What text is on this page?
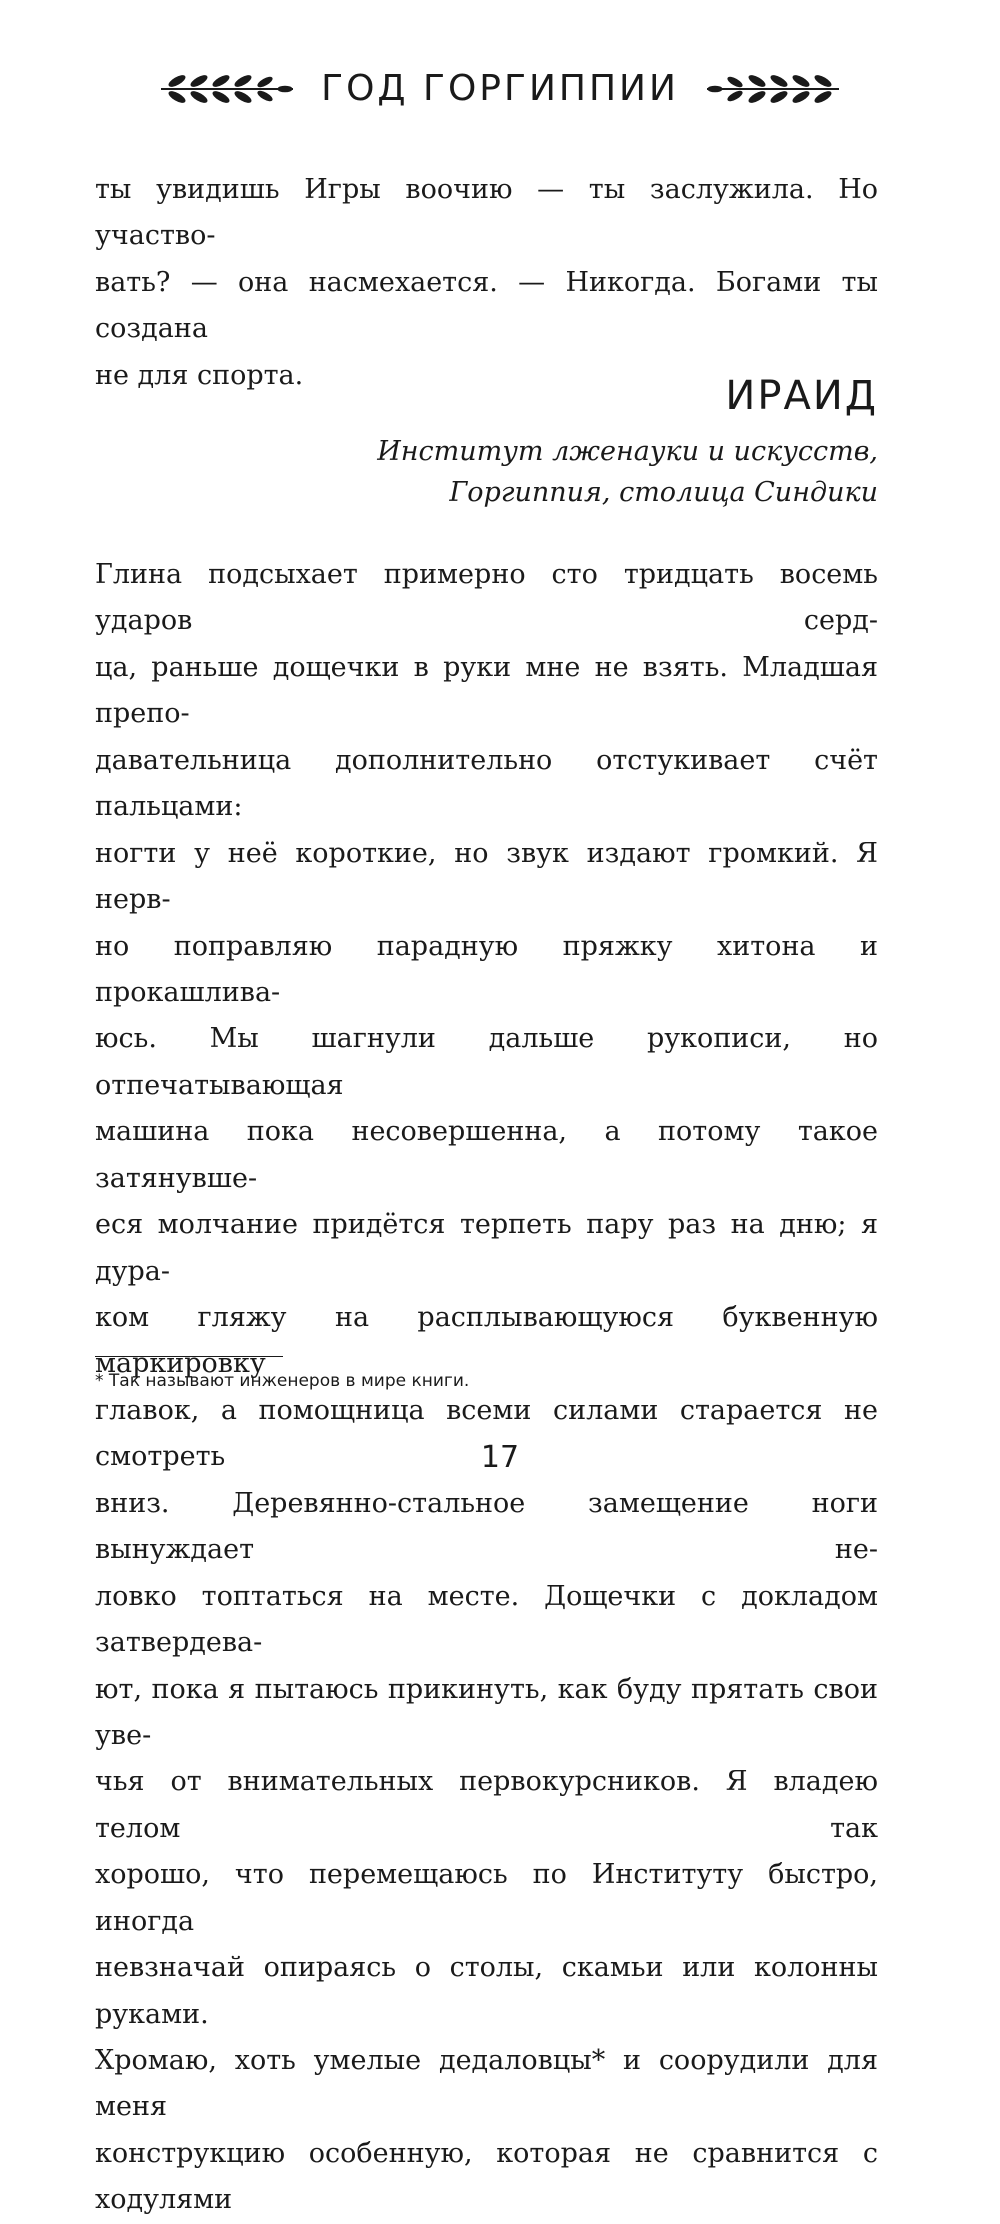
ГОД ГОРГИППИИ

ты увидишь Игры воочию — ты заслужила. Но участво-
вать? — она насмехается. — Никогда. Богами ты создана
не для спорта.	ИРАИД

Институт лженауки и искусств,
Горгиппия, столица Синдики

Глина подсыхает примерно сто тридцать восемь ударов серд-
ца, раньше дощечки в руки мне не взять. Младшая препо-
давательница дополнительно отстукивает счёт пальцами:
ногти у неё короткие, но звук издают громкий. Я нерв-
но поправляю парадную пряжку хитона и прокашлива-
юсь. Мы шагнули дальше рукописи, но отпечатывающая
машина пока несовершенна, а потому такое затянувше-
еся молчание придётся терпеть пару раз на дню; я дура-
ком гляжу на расплывающуюся буквенную маркировку
главок, а помощница всеми силами старается не смотреть
вниз. Деревянно-стальное замещение ноги вынуждает не-
ловко топтаться на месте. Дощечки с докладом затвердева-
ют, пока я пытаюсь прикинуть, как буду прятать свои уве-
чья от внимательных первокурсников. Я владею телом так
хорошо, что перемещаюсь по Институту быстро, иногда
невзначай опираясь о столы, скамьи или колонны руками.
Хромаю, хоть умелые дедаловцы* и соорудили для меня
конструкцию особенную, которая не сравнится с ходулями

* Так называют инженеров в мире книги.

17
